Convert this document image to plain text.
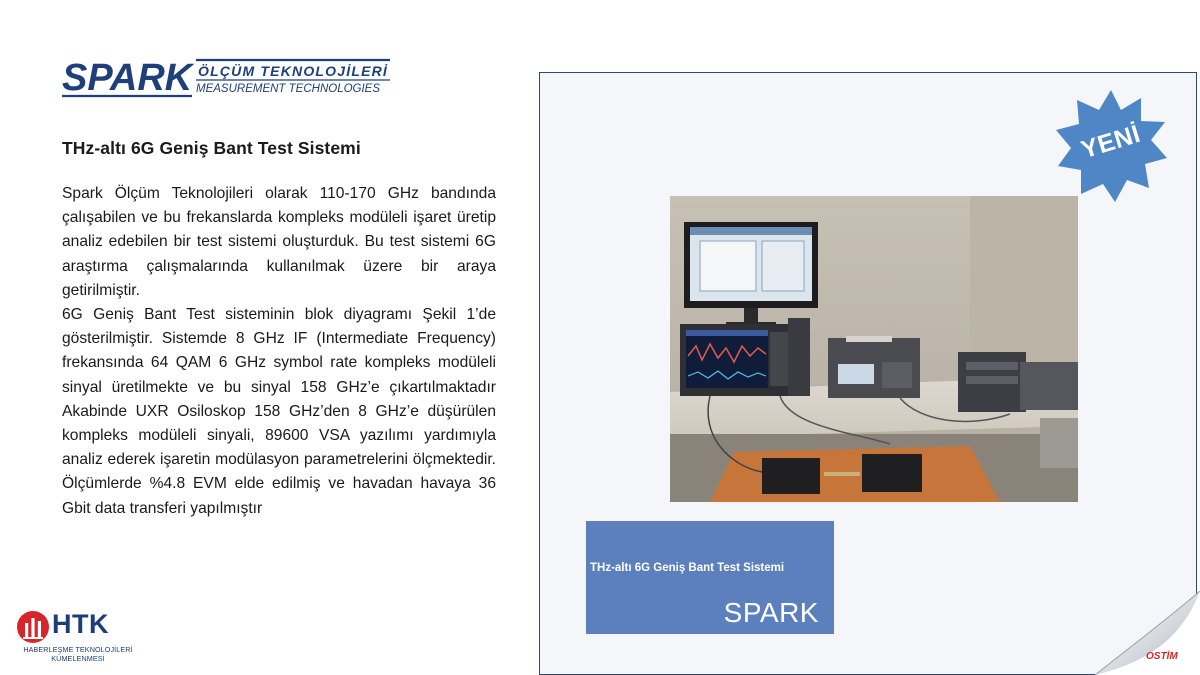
SPARK ÖLÇÜM TEKNOLOJİLERİ
MEASUREMENT TECHNOLOGIES
THz-altı 6G Geniş Bant Test Sistemi

Spark Ölçüm Teknolojileri olarak 110-170 GHz bandında çalışabilen ve bu frekanslarda kompleks modüleli işaret üretip analiz edebilen bir test sistemi oluşturduk. Bu test sistemi 6G araştırma çalışmalarında kullanılmak üzere bir araya getirilmiştir.

6G Geniş Bant Test sisteminin blok diyagramı Şekil 1’de gösterilmiştir. Sistemde 8 GHz IF (Intermediate Frequency) frekansında 64 QAM 6 GHz symbol rate kompleks modüleli sinyal üretilmekte ve bu sinyal 158 GHz’e çıkartılmaktadır Akabinde UXR Osiloskop 158 GHz’den 8 GHz’e düşürülen kompleks modüleli sinyali, 89600 VSA yazılımı yardımıyla analiz ederek işaretin modülasyon parametrelerini ölçmektedir. Ölçümlerde %4.8 EVM elde edilmiş ve havadan havaya 36 Gbit data transferi yapılmıştır

HTK
HABERLEŞME TEKNOLOJİLERİ
KÜMELENMESİ
THz-altı 6G Geniş Bant Test Sistemi
SPARK
YENİ
OSTİM
